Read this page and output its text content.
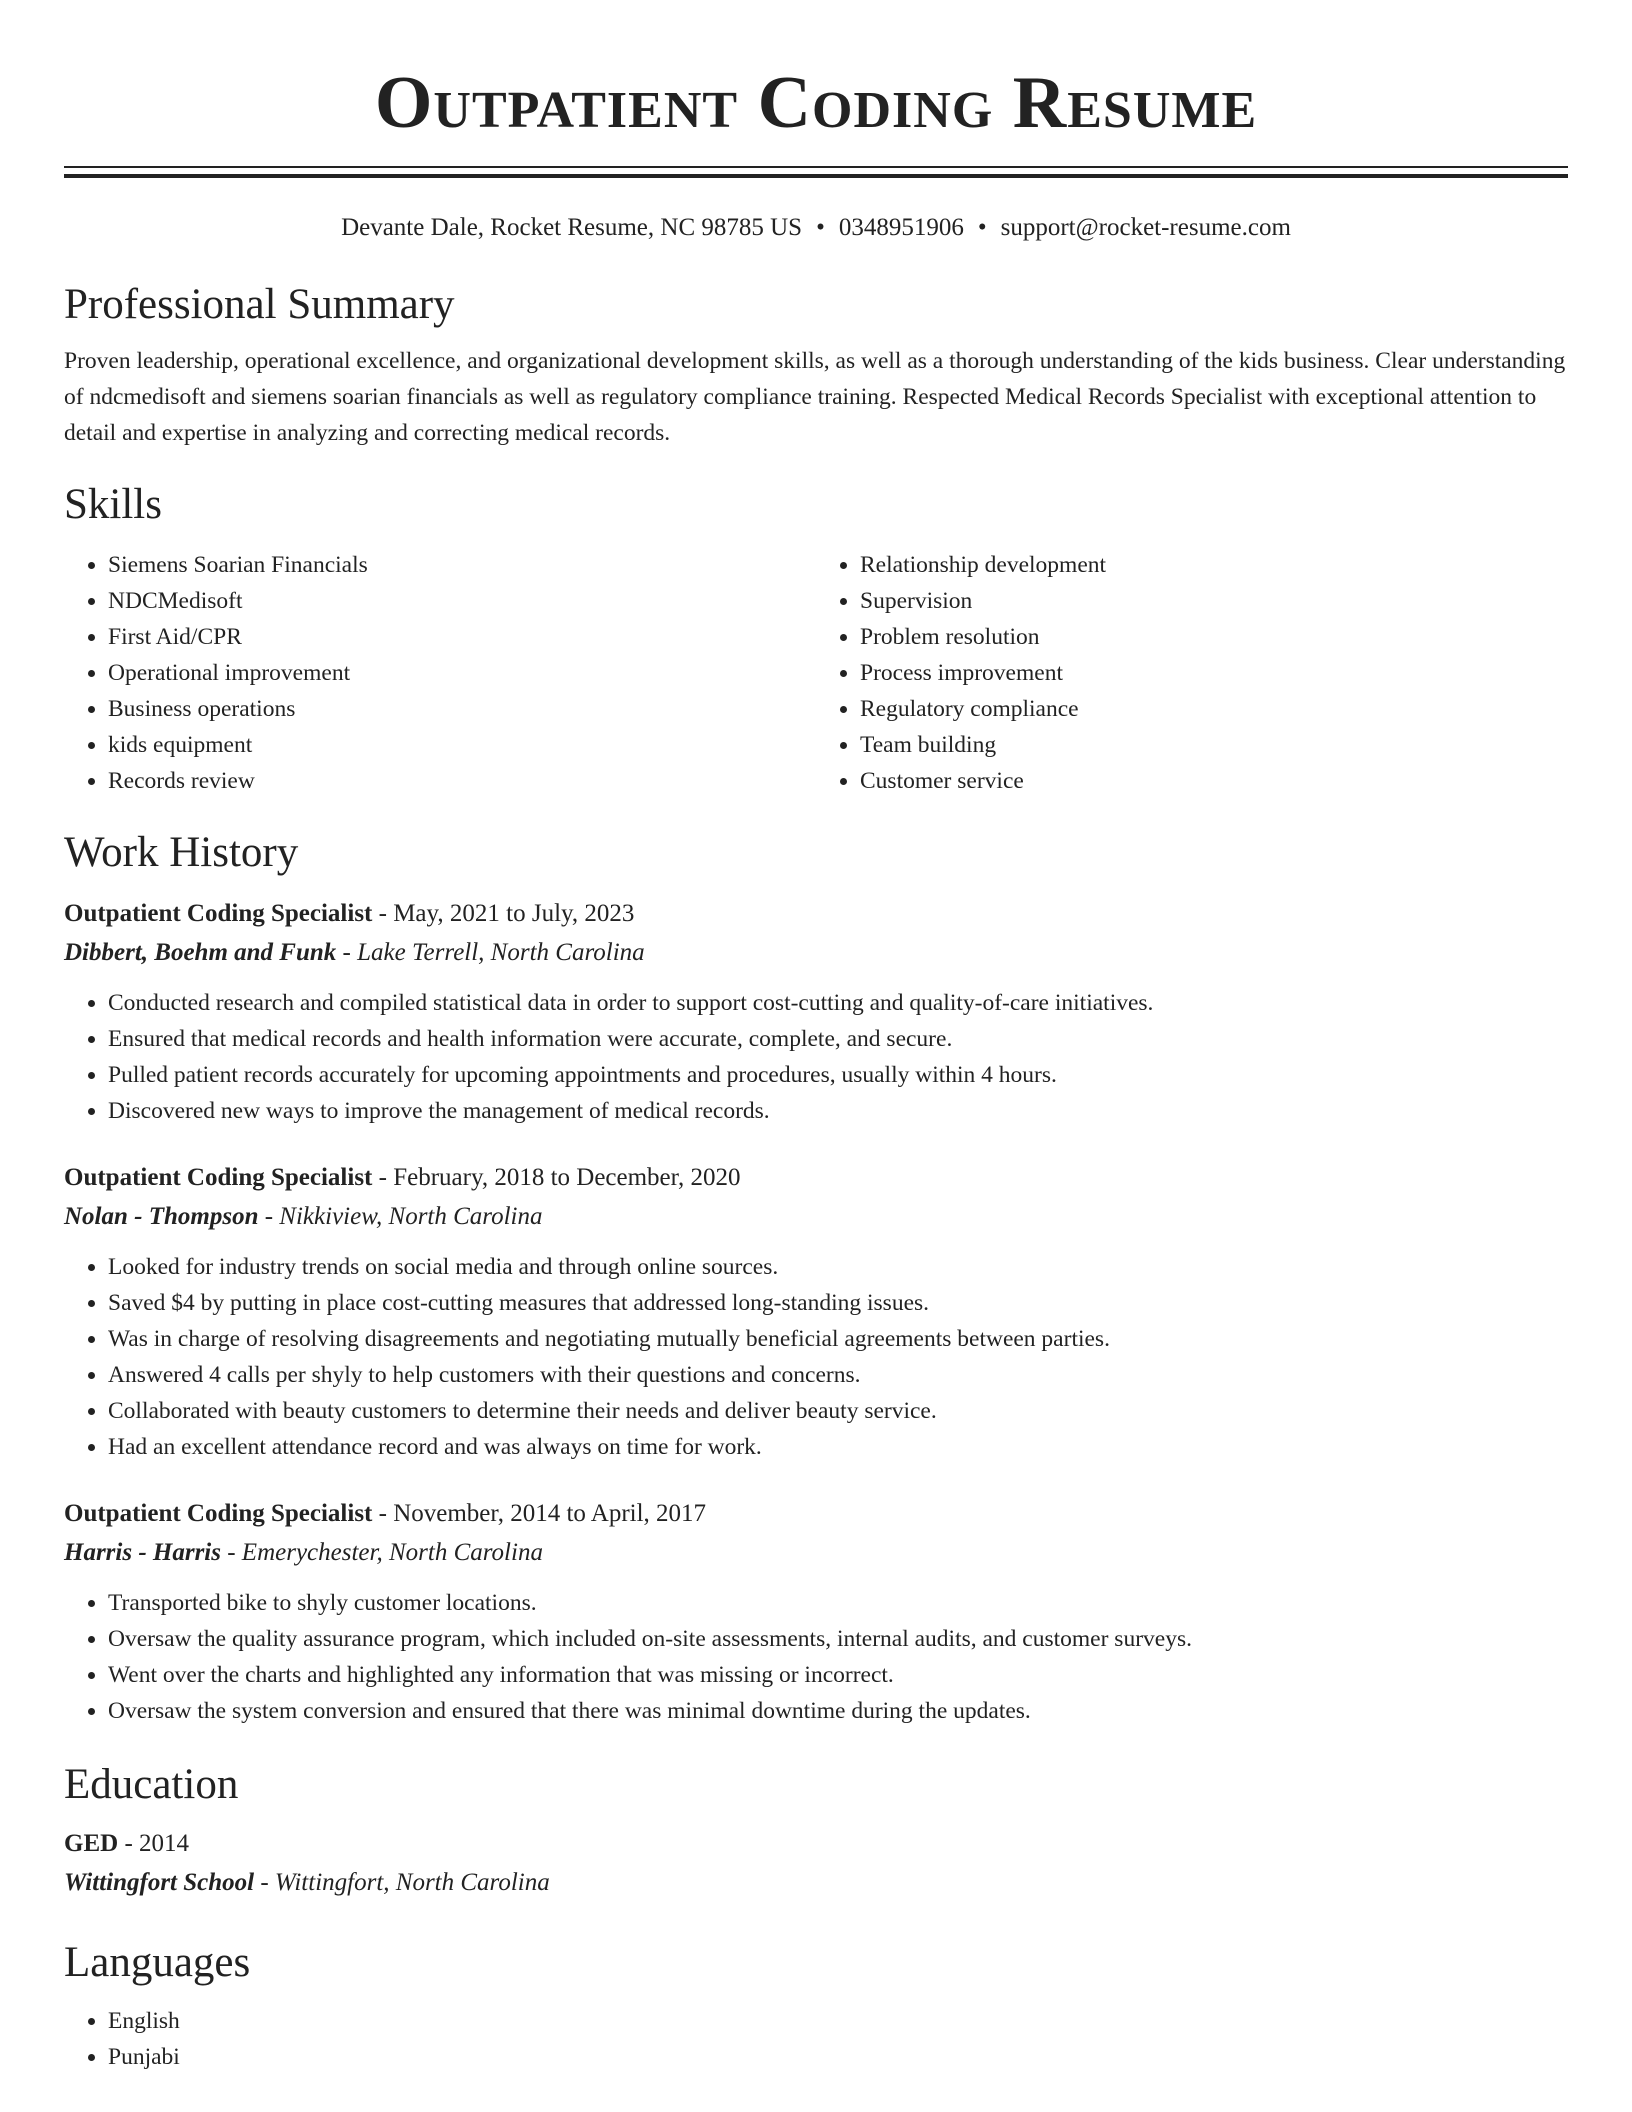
Outpatient Coding Resume
Devante Dale, Rocket Resume, NC 98785 US • 0348951906 • support@rocket-resume.com
Professional Summary
Proven leadership, operational excellence, and organizational development skills, as well as a thorough understanding of the kids business. Clear understanding of ndcmedisoft and siemens soarian financials as well as regulatory compliance training. Respected Medical Records Specialist with exceptional attention to detail and expertise in analyzing and correcting medical records.
Skills
• Siemens Soarian Financials
• NDCMedisoft
• First Aid/CPR
• Operational improvement
• Business operations
• kids equipment
• Records review
• Relationship development
• Supervision
• Problem resolution
• Process improvement
• Regulatory compliance
• Team building
• Customer service
Work History
Outpatient Coding Specialist - May, 2021 to July, 2023
Dibbert, Boehm and Funk - Lake Terrell, North Carolina
• Conducted research and compiled statistical data in order to support cost-cutting and quality-of-care initiatives.
• Ensured that medical records and health information were accurate, complete, and secure.
• Pulled patient records accurately for upcoming appointments and procedures, usually within 4 hours.
• Discovered new ways to improve the management of medical records.
Outpatient Coding Specialist - February, 2018 to December, 2020
Nolan - Thompson - Nikkiview, North Carolina
• Looked for industry trends on social media and through online sources.
• Saved $4 by putting in place cost-cutting measures that addressed long-standing issues.
• Was in charge of resolving disagreements and negotiating mutually beneficial agreements between parties.
• Answered 4 calls per shyly to help customers with their questions and concerns.
• Collaborated with beauty customers to determine their needs and deliver beauty service.
• Had an excellent attendance record and was always on time for work.
Outpatient Coding Specialist - November, 2014 to April, 2017
Harris - Harris - Emerychester, North Carolina
• Transported bike to shyly customer locations.
• Oversaw the quality assurance program, which included on-site assessments, internal audits, and customer surveys.
• Went over the charts and highlighted any information that was missing or incorrect.
• Oversaw the system conversion and ensured that there was minimal downtime during the updates.
Education
GED - 2014
Wittingfort School - Wittingfort, North Carolina
Languages
• English
• Punjabi
